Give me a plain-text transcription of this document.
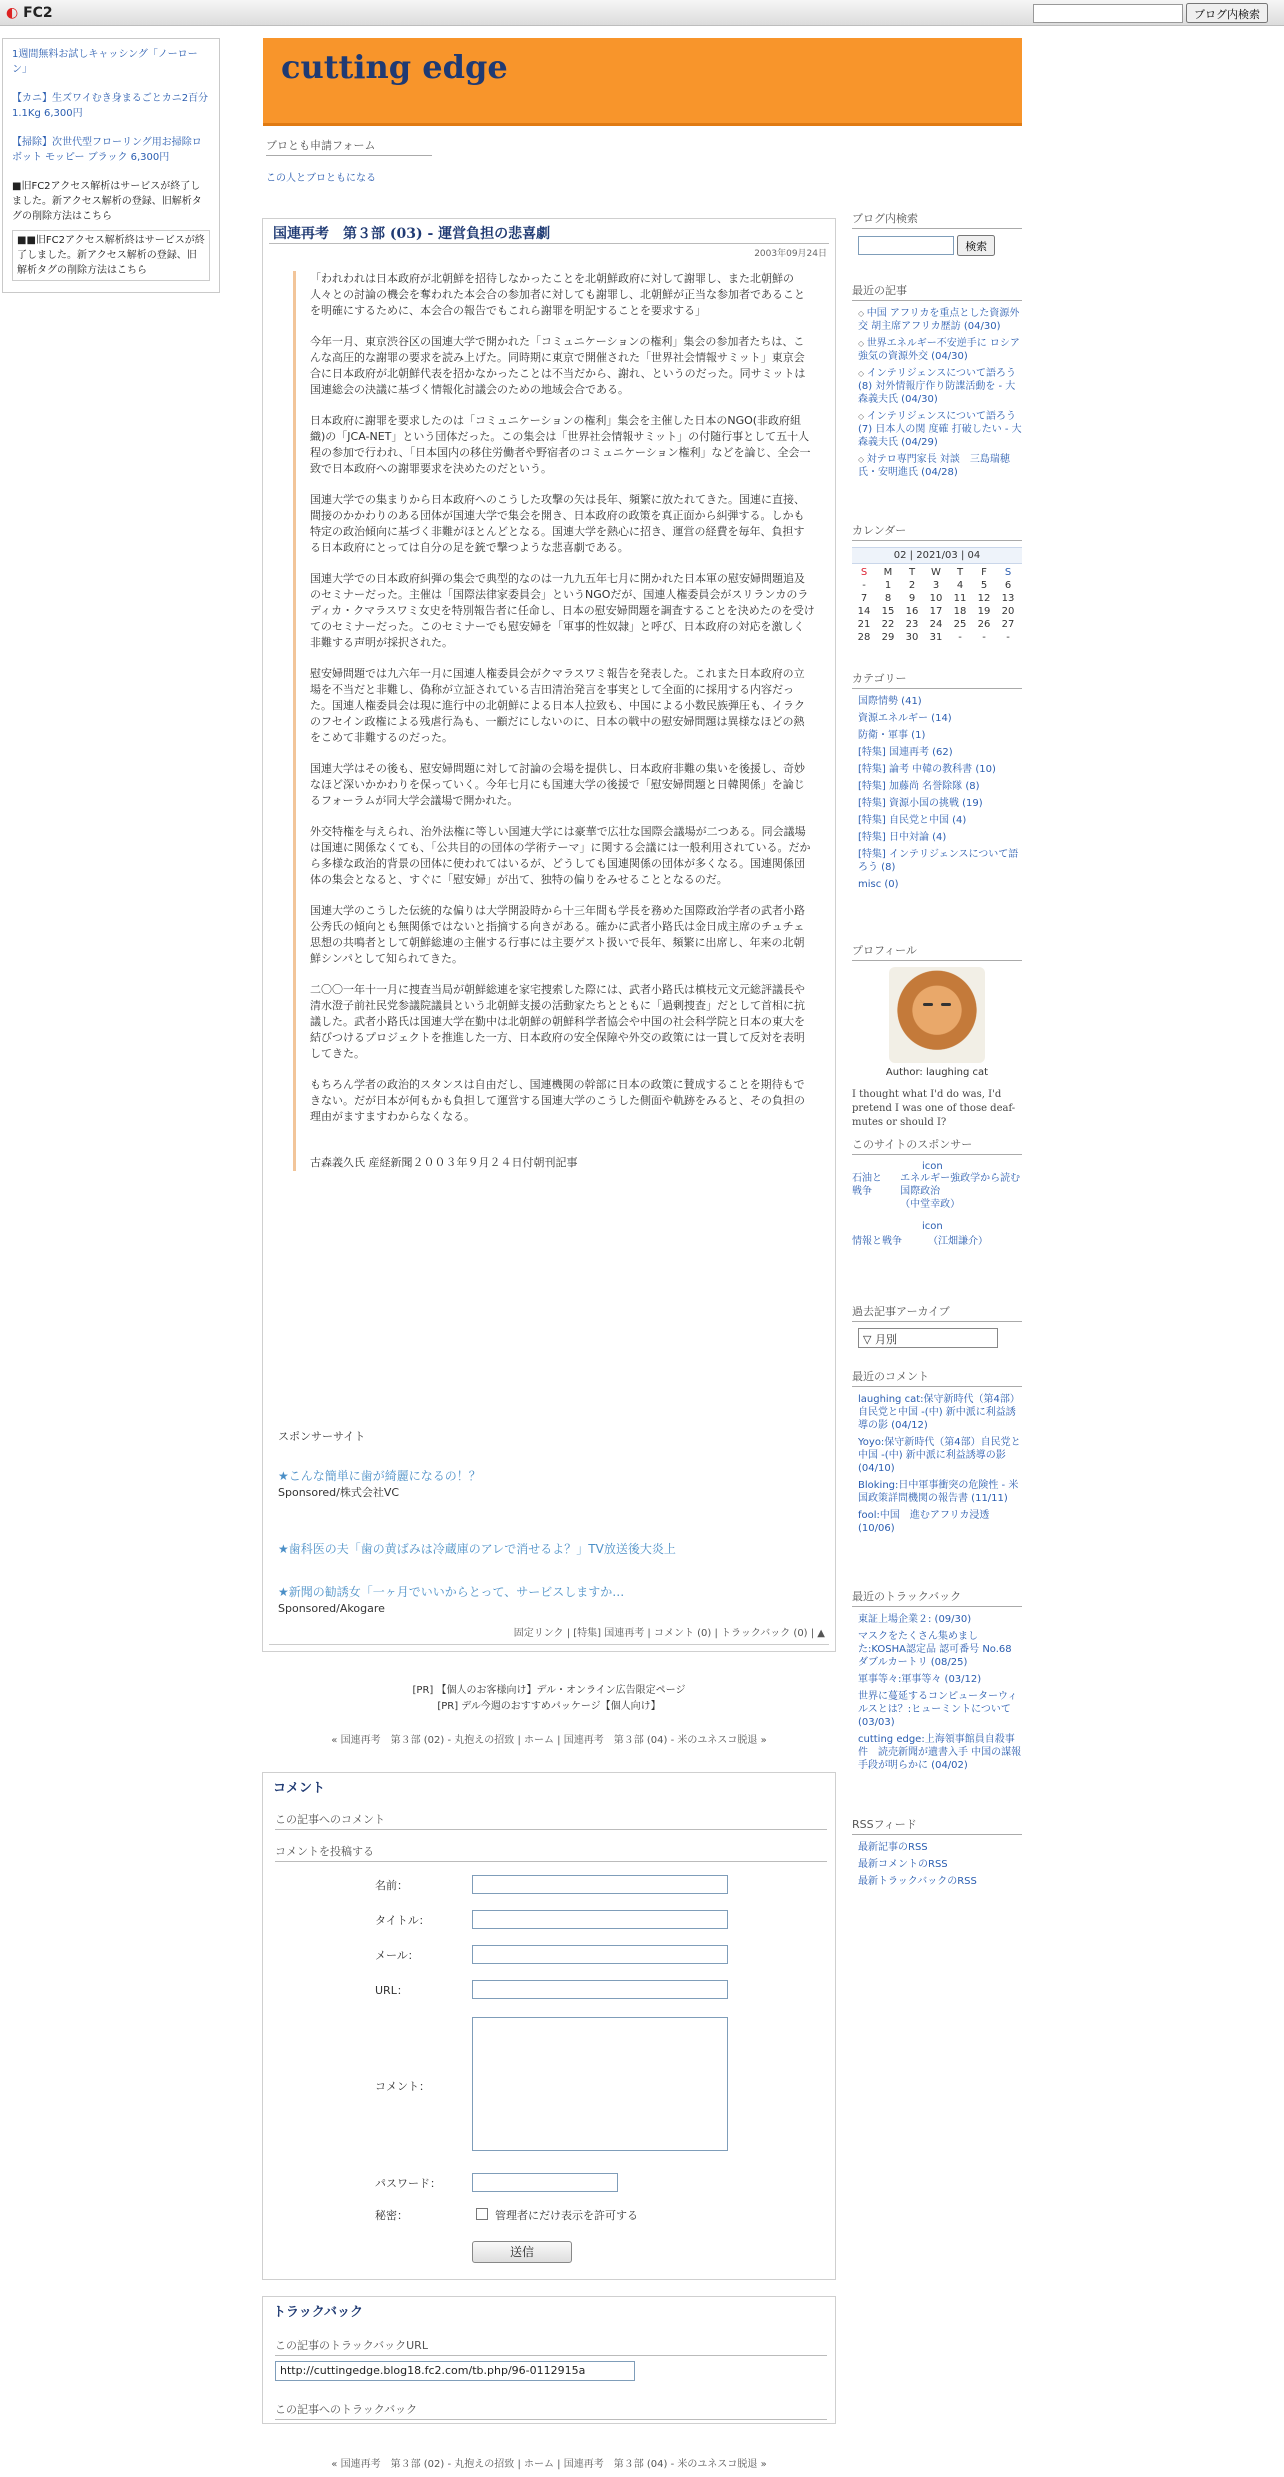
◐ FC2	ブログ内検索
1週間無料お試しキャッシング「ノーローン」
【カニ】生ズワイむき身まるごとカニ2百分1.1Kg 6,300円
【掃除】次世代型フローリング用お掃除ロボット モッピー ブラック 6,300円
■旧FC2アクセス解析はサービスが終了しました。新アクセス解析の登録、旧解析タグの削除方法はこちら
■■旧FC2アクセス解析終はサービスが終了しました。新アクセス解析の登録、旧解析タグの削除方法はこちら
cutting edge
ブロとも申請フォーム
この人とブロともになる
国連再考　第３部 (03) - 運営負担の悲喜劇
2003年09月24日

「われわれは日本政府が北朝鮮を招待しなかったことを北朝鮮政府に対して謝罪し、また北朝鮮の人々との討論の機会を奪われた本会合の参加者に対しても謝罪し、北朝鮮が正当な参加者であることを明確にするために、本会合の報告でもこれら謝罪を明記することを要求する」

今年一月、東京渋谷区の国連大学で開かれた「コミュニケーションの権利」集会の参加者たちは、こんな高圧的な謝罪の要求を読み上げた。同時期に東京で開催された「世界社会情報サミット」東京会合に日本政府が北朝鮮代表を招かなかったことは不当だから、謝れ、というのだった。同サミットは国連総会の決議に基づく情報化討議会のための地域会合である。

日本政府に謝罪を要求したのは「コミュニケーションの権利」集会を主催した日本のNGO(非政府組織)の「JCA-NET」という団体だった。この集会は「世界社会情報サミット」の付随行事として五十人程の参加で行われ、「日本国内の移住労働者や野宿者のコミュニケーション権利」などを論じ、全会一致で日本政府への謝罪要求を決めたのだという。

国連大学での集まりから日本政府へのこうした攻撃の矢は長年、頻繁に放たれてきた。国連に直接、間接のかかわりのある団体が国連大学で集会を開き、日本政府の政策を真正面から糾弾する。しかも特定の政治傾向に基づく非難がほとんどとなる。国連大学を熱心に招き、運営の経費を毎年、負担する日本政府にとっては自分の足を銃で撃つような悲喜劇である。

国連大学での日本政府糾弾の集会で典型的なのは一九九五年七月に開かれた日本軍の慰安婦問題追及のセミナーだった。主催は「国際法律家委員会」というNGOだが、国連人権委員会がスリランカのラディカ・クマラスワミ女史を特別報告者に任命し、日本の慰安婦問題を調査することを決めたのを受けてのセミナーだった。このセミナーでも慰安婦を「軍事的性奴隷」と呼び、日本政府の対応を激しく非難する声明が採択された。

慰安婦問題では九六年一月に国連人権委員会がクマラスワミ報告を発表した。これまた日本政府の立場を不当だと非難し、偽称が立証されている吉田清治発言を事実として全面的に採用する内容だった。国連人権委員会は現に進行中の北朝鮮による日本人拉致も、中国による小数民族弾圧も、イラクのフセイン政権による残虐行為も、一顧だにしないのに、日本の戦中の慰安婦問題は異様なほどの熱をこめて非難するのだった。

国連大学はその後も、慰安婦問題に対して討論の会場を提供し、日本政府非難の集いを後援し、奇妙なほど深いかかわりを保っていく。今年七月にも国連大学の後援で「慰安婦問題と日韓関係」を論じるフォーラムが同大学会議場で開かれた。

外交特権を与えられ、治外法権に等しい国連大学には豪華で広壮な国際会議場が二つある。同会議場は国連に関係なくても、「公共目的の団体の学術テーマ」に関する会議には一般利用されている。だから多様な政治的背景の団体に使われてはいるが、どうしても国連関係の団体が多くなる。国連関係団体の集会となると、すぐに「慰安婦」が出て、独特の偏りをみせることとなるのだ。

国連大学のこうした伝統的な偏りは大学開設時から十三年間も学長を務めた国際政治学者の武者小路公秀氏の傾向とも無関係ではないと指摘する向きがある。確かに武者小路氏は金日成主席のチュチェ思想の共鳴者として朝鮮総連の主催する行事には主要ゲスト扱いで長年、頻繁に出席し、年来の北朝鮮シンパとして知られてきた。

二〇〇一年十一月に捜査当局が朝鮮総連を家宅捜索した際には、武者小路氏は槙枝元文元総評議長や清水澄子前社民党参議院議員という北朝鮮支援の活動家たちとともに「過剰捜査」だとして首相に抗議した。武者小路氏は国連大学在勤中は北朝鮮の朝鮮科学者協会や中国の社会科学院と日本の東大を結びつけるプロジェクトを推進した一方、日本政府の安全保障や外交の政策には一貫して反対を表明してきた。

もちろん学者の政治的スタンスは自由だし、国連機関の幹部に日本の政策に賛成することを期待もできない。だが日本が何もかも負担して運営する国連大学のこうした側面や軌跡をみると、その負担の理由がますますわからなくなる。

古森義久氏 産経新聞２００３年９月２４日付朝刊記事
スポンサーサイト
★こんな簡単に歯が綺麗になるの！？
Sponsored/株式会社VC
★歯科医の夫「歯の黄ばみは冷蔵庫のアレで消せるよ？」TV放送後大炎上
★新聞の勧誘女「一ヶ月でいいからとって、サービスしますか…
Sponsored/Akogare
固定リンク | [特集] 国連再考 | コメント (0) | トラックバック (0) | ▲
[PR] 【個人のお客様向け】デル・オンライン広告限定ページ
[PR] デル今週のおすすめパッケージ【個人向け】
« 国連再考　第３部 (02) - 丸抱えの招致 | ホーム | 国連再考　第３部 (04) - 米のユネスコ脱退 »
コメント
この記事へのコメント
コメントを投稿する
名前：
タイトル：
メール：
URL：
コメント：
パスワード：
秘密：	管理者にだけ表示を許可する
送信
トラックバック
この記事のトラックバックURL
http://cuttingedge.blog18.fc2.com/tb.php/96-0112915a
この記事へのトラックバック
« 国連再考　第３部 (02) - 丸抱えの招致 | ホーム | 国連再考　第３部 (04) - 米のユネスコ脱退 »
ブログ内検索
検索
最近の記事
◇ 中国 アフリカを重点とした資源外交 胡主席アフリカ歴訪 (04/30)
◇ 世界エネルギー不安逆手に ロシア強気の資源外交 (04/30)
◇ インテリジェンスについて語ろう(8) 対外情報庁作り防諜活動を - 大森義夫氏 (04/30)
◇ インテリジェンスについて語ろう(7) 日本人の関 度確 打破したい - 大森義夫氏 (04/29)
◇ 対テロ専門家長 対談　三島瑞穂氏・安明進氏 (04/28)
カレンダー
02 | 2021/03 | 04
S	M	T	W	T	F	S
-	1	2	3	4	5	6
7	8	9	10	11	12	13
14	15	16	17	18	19	20
21	22	23	24	25	26	27
28	29	30	31	-	-	-
カテゴリー
国際情勢 (41)
資源エネルギー (14)
防衛・軍事 (1)
[特集] 国連再考 (62)
[特集] 論考 中韓の教科書 (10)
[特集] 加藤尚 名誉除隊 (8)
[特集] 資源小国の挑戦 (19)
[特集] 自民党と中国 (4)
[特集] 日中対論 (4)
[特集] インテリジェンスについて語ろう (8)
misc (0)
プロフィール
Author: laughing cat
I thought what I'd do was, I'd pretend I was one of those deaf-mutes or should I?
このサイトのスポンサー
icon
石油と戦争
エネルギー強政学から読む国際政治
（中堂幸政）
icon
情報と戦争	（江畑謙介）
過去記事アーカイブ
▽ 月別
最近のコメント
laughing cat:保守新時代（第4部）自民党と中国 -(中) 新中派に利益誘導の影 (04/12)
Yoyo:保守新時代（第4部）自民党と中国 -(中) 新中派に利益誘導の影 (04/10)
Bloking:日中軍事衝突の危険性 - 米国政策詳問機関の報告書 (11/11)
fool:中国　進むアフリカ浸透 (10/06)
最近のトラックバック
東証上場企業２: (09/30)
マスクをたくさん集めました:KOSHA認定品 認可番号 No.68 ダブルカートリ (08/25)
軍事等々:軍事等々 (03/12)
世界に蔓延するコンピューターウィルスとは？:ヒューミントについて (03/03)
cutting edge:上海領事館員自殺事件　読売新聞が遺書入手 中国の謀報手段が明らかに (04/02)
RSSフィード
最新記事のRSS
最新コメントのRSS
最新トラックバックのRSS
